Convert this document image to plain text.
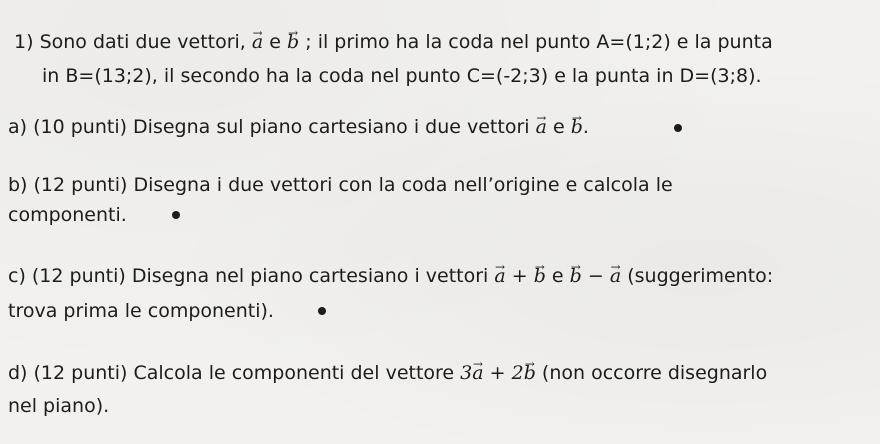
1) Sono dati due vettori, → a e → b ; il primo ha la coda nel punto A=(1;2) e la punta
in B=(13;2), il secondo ha la coda nel punto C=(-2;3) e la punta in D=(3;8).
a) (10 punti) Disegna sul piano cartesiano i due vettori → a e → b.
b) (12 punti) Disegna i due vettori con la coda nell’origine e calcola le
componenti.
c) (12 punti) Disegna nel piano cartesiano i vettori → a + → b e → b − → a (suggerimento:
trova prima le componenti).
d) (12 punti) Calcola le componenti del vettore 3→ a + 2→ b (non occorre disegnarlo
nel piano).
